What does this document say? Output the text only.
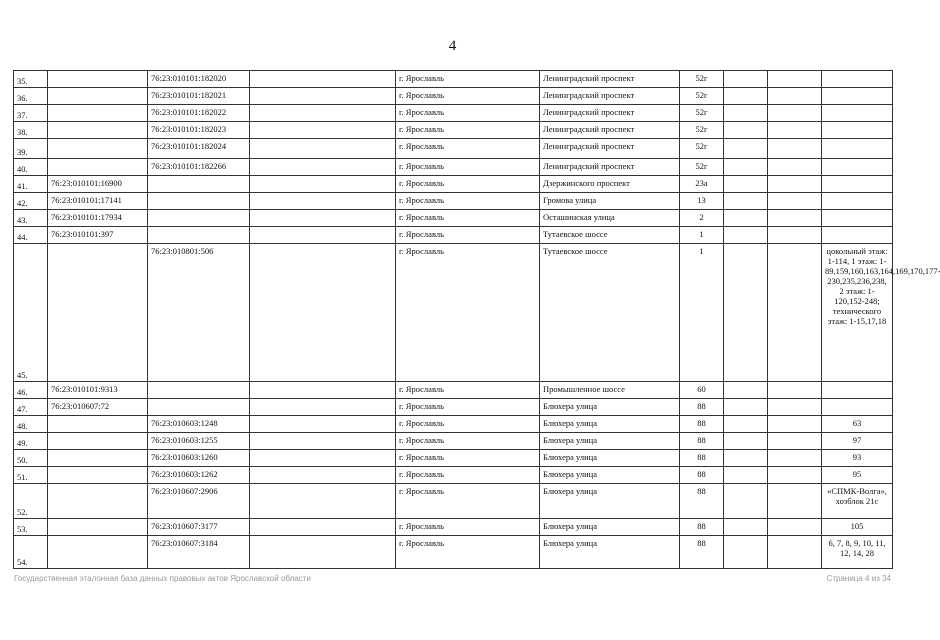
4
35.		76:23:010101:182020		г. Ярославль	Ленинградский проспект	52г			
36.		76:23:010101:182021		г. Ярославль	Ленинградский проспект	52г			
37.		76:23:010101:182022		г. Ярославль	Ленинградский проспект	52г			
38.		76:23:010101:182023		г. Ярославль	Ленинградский проспект	52г			
39.		76:23:010101:182024		г. Ярославль	Ленинградский проспект	52г			
40.		76:23:010101:182266		г. Ярославль	Ленинградский проспект	52г			
41.	76:23:010101:16900			г. Ярославль	Дзержинского проспект	23а			
42.	76:23:010101:17141			г. Ярославль	Громова улица	13			
43.	76:23:010101:17934			г. Ярославль	Осташинская улица	2			
44.	76:23:010101:397			г. Ярославль	Тутаевское шоссе	1			
45.		76:23:010801:506		г. Ярославль	Тутаевское шоссе	1			цокольный этаж: 1-114, 1 этаж: 1-89,159,160,163,164,169,170,177-230,235,236,238, 2 этаж: 1-120,152-248; технического этаж: 1-15,17,18
46.	76:23:010101:9313			г. Ярославль	Промышленное шоссе	60			
47.	76:23:010607:72			г. Ярославль	Блюхера улица	88			
48.		76:23:010603:1248		г. Ярославль	Блюхера улица	88			63
49.		76:23:010603:1255		г. Ярославль	Блюхера улица	88			97
50.		76:23:010603:1260		г. Ярославль	Блюхера улица	88			93
51.		76:23:010603:1262		г. Ярославль	Блюхера улица	88			95
52.		76:23:010607:2906		г. Ярославль	Блюхера улица	88			«СПМК-Волга», хозблок 21с
53.		76:23:010607:3177		г. Ярославль	Блюхера улица	88			105
54.		76:23:010607:3184		г. Ярославль	Блюхера улица	88			6, 7, 8, 9, 10, 11, 12, 14, 28
Государственная эталонная база данных правовых актов Ярославской области	Страница 4 из 34
